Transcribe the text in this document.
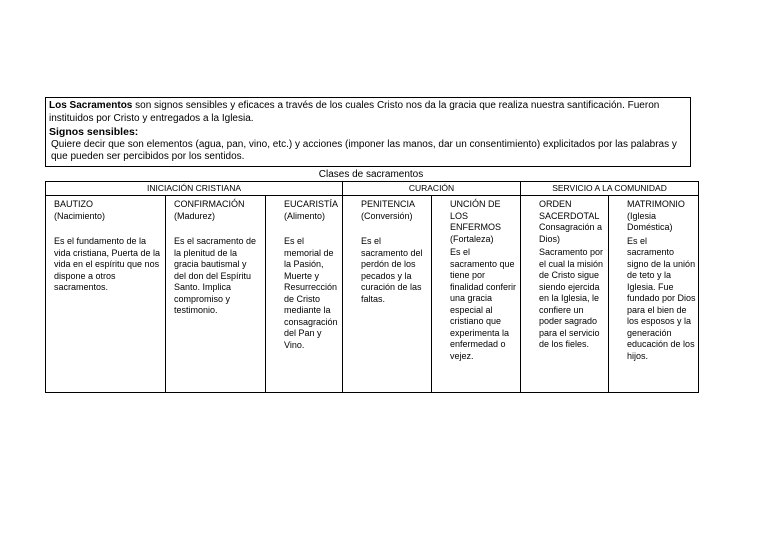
Los Sacramentos son signos sensibles y eficaces a través de los cuales Cristo nos da la gracia que realiza nuestra santificación. Fueron instituidos por Cristo y entregados a la Iglesia.

Signos sensibles:

Quiere decir que son elementos (agua, pan, vino, etc.) y acciones (imponer las manos, dar un consentimiento) explicitados por las palabras y que pueden ser percibidos por los sentidos.

Clases de sacramentos
INICIACIÓN CRISTIANA			CURACIÓN		SERVICIO A LA COMUNIDAD	

BAUTIZO
(Nacimiento)
Es el fundamento de la vida cristiana, Puerta de la vida en el espíritu que nos dispone a otros sacramentos.	CONFIRMACIÓN
(Madurez)
Es el sacramento de la plenitud de la gracia bautismal y del don del Espíritu Santo. Implica compromiso y testimonio.	EUCARISTÍA
(Alimento)
Es el memorial de la Pasión, Muerte y Resurrección de Cristo mediante la consagración del Pan y Vino.	PENITENCIA
(Conversión)
Es el sacramento del perdón de los pecados y la curación de las faltas.	UNCIÓN DE LOS ENFERMOS
(Fortaleza)
Es el sacramento que tiene por finalidad conferir una gracia especial al cristiano que experimenta la enfermedad o vejez.	ORDEN SACERDOTAL
Consagración a Dios)
Sacramento por el cual la misión de Cristo sigue siendo ejercida en la Iglesia, le confiere un poder sagrado para el servicio de los fieles.	MATRIMONIO
(Iglesia Doméstica)
Es el sacramento signo de la unión de teto y la Iglesia. Fue fundado por Dios para el bien de los esposos y la generación educación de los hijos.
